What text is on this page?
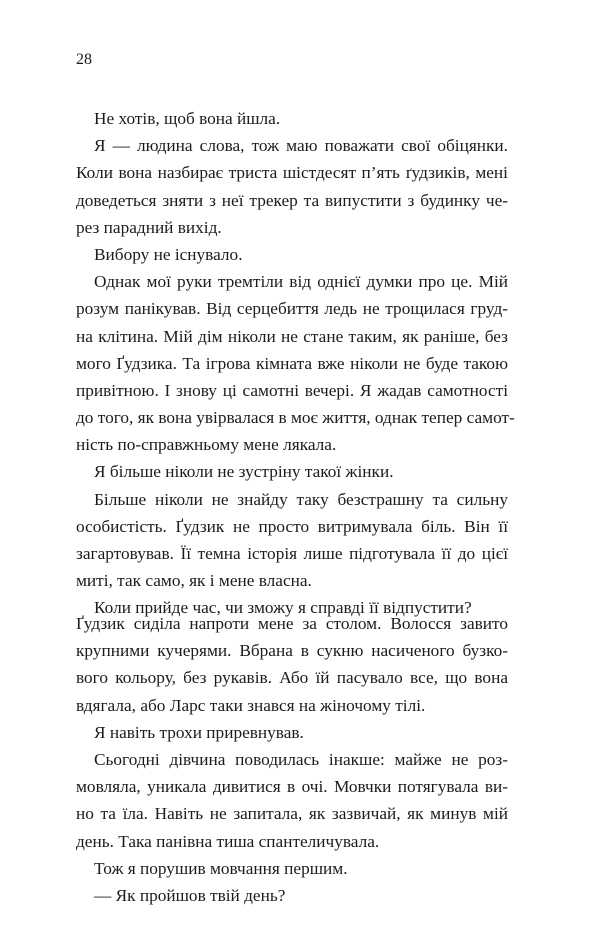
28
Не хотів, щоб вона йшла.
Я — людина слова, тож маю поважати свої обіцянки.
Коли вона назбирає триста шістдесят п’ять ґудзиків, мені
доведеться зняти з неї трекер та випустити з будинку че-
рез парадний вихід.
Вибору не існувало.
Однак мої руки тремтіли від однієї думки про це. Мій
розум панікував. Від серцебиття ледь не трощилася груд-
на клітина. Мій дім ніколи не стане таким, як раніше, без
мого Ґудзика. Та ігрова кімната вже ніколи не буде такою
привітною. І знову ці самотні вечері. Я жадав самотності
до того, як вона увірвалася в моє життя, однак тепер самот-
ність по-справжньому мене лякала.
Я більше ніколи не зустріну такої жінки.
Більше ніколи не знайду таку безстрашну та сильну
особистість. Ґудзик не просто витримувала біль. Він її
загартовував. Її темна історія лише підготувала її до цієї
миті, так само, як і мене власна.
Коли прийде час, чи зможу я справді її відпустити?
Ґудзик сиділа напроти мене за столом. Волосся завито
крупними кучерями. Вбрана в сукню насиченого бузко-
вого кольору, без рукавів. Або їй пасувало все, що вона
вдягала, або Ларс таки знався на жіночому тілі.
Я навіть трохи приревнував.
Сьогодні дівчина поводилась інакше: майже не роз-
мовляла, уникала дивитися в очі. Мовчки потягувала ви-
но та їла. Навіть не запитала, як зазвичай, як минув мій
день. Така панівна тиша спантеличувала.
Тож я порушив мовчання першим.
— Як пройшов твій день?
